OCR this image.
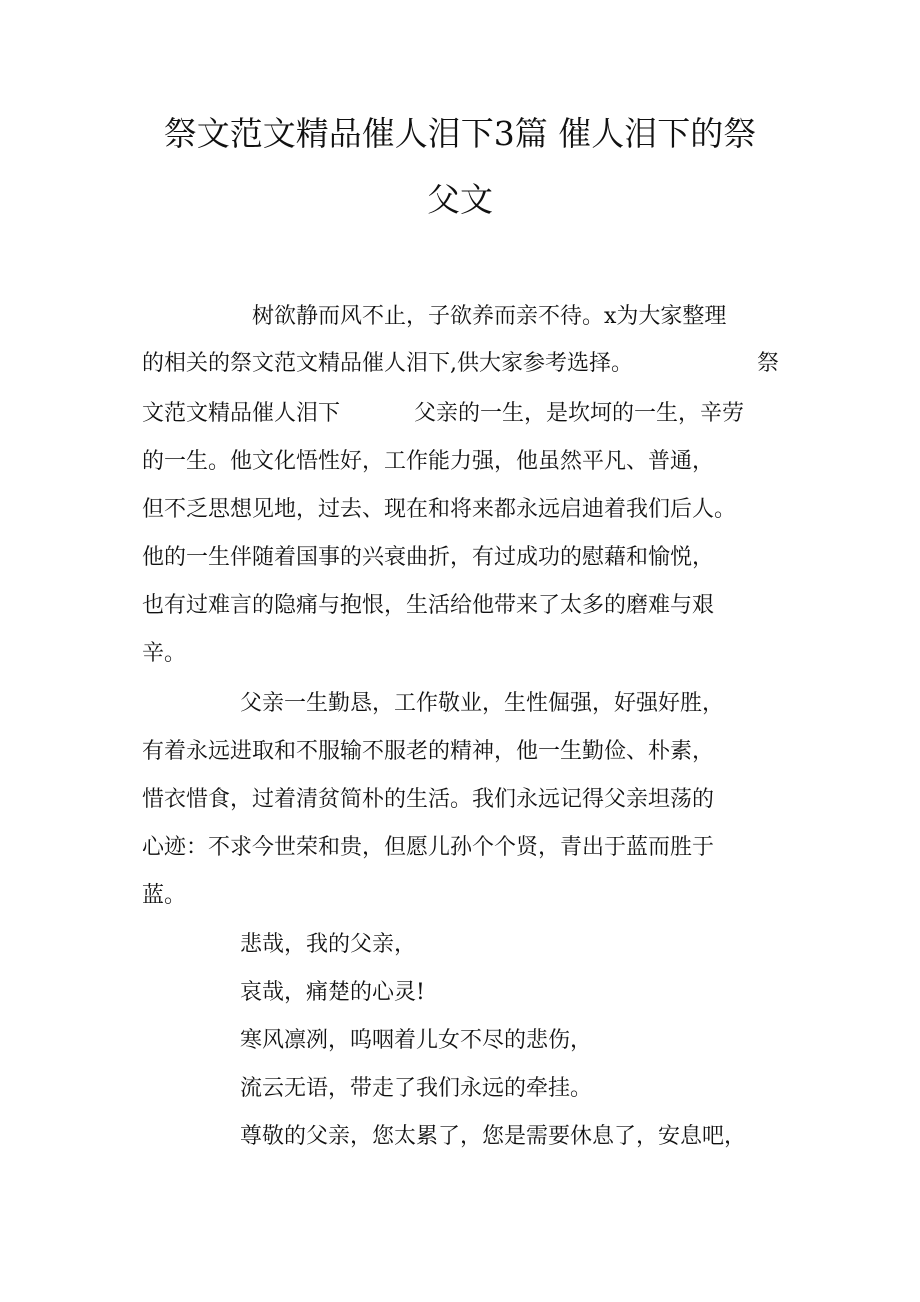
祭文范文精品催人泪下3篇 催人泪下的祭
父文
树欲静而风不止，子欲养而亲不待。x为大家整理
的相关的祭文范文精品催人泪下,供大家参考选择。	祭
文范文精品催人泪下	父亲的一生，是坎坷的一生，辛劳
的一生。他文化悟性好，工作能力强，他虽然平凡、普通，
但不乏思想见地，过去、现在和将来都永远启迪着我们后人。
他的一生伴随着国事的兴衰曲折，有过成功的慰藉和愉悦，
也有过难言的隐痛与抱恨，生活给他带来了太多的磨难与艰
辛。
父亲一生勤恳，工作敬业，生性倔强，好强好胜，
有着永远进取和不服输不服老的精神，他一生勤俭、朴素，
惜衣惜食，过着清贫简朴的生活。我们永远记得父亲坦荡的
心迹：不求今世荣和贵，但愿儿孙个个贤，青出于蓝而胜于
蓝。
悲哉，我的父亲，
哀哉，痛楚的心灵!
寒风凛冽，呜咽着儿女不尽的悲伤，
流云无语，带走了我们永远的牵挂。
尊敬的父亲，您太累了，您是需要休息了，安息吧，
